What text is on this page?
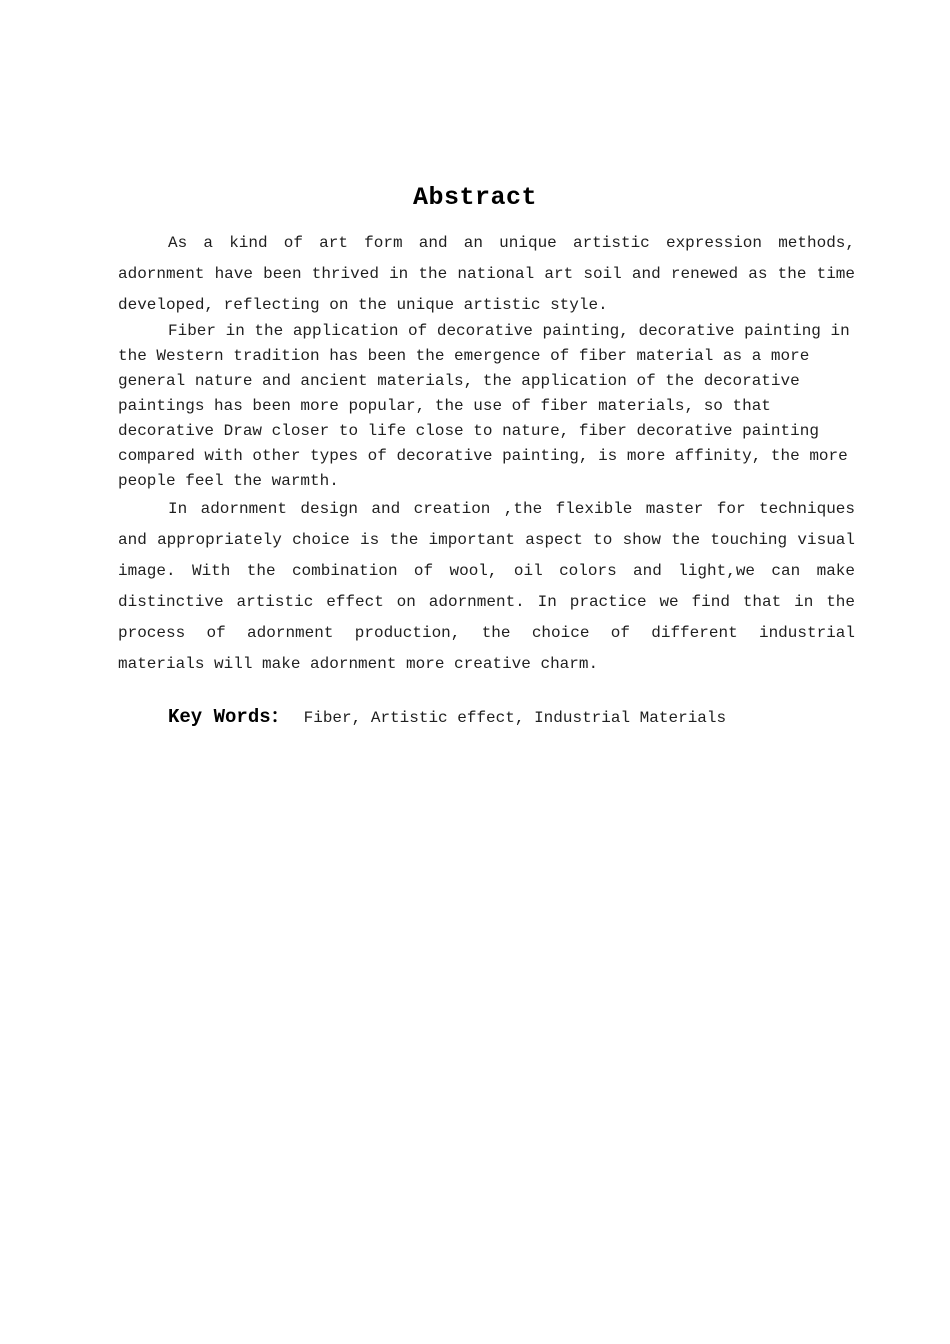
Abstract

As a kind of art form and an unique artistic expression methods, adornment have been thrived in the national art soil and renewed as the time developed, reflecting on the unique artistic style.

Fiber in the application of decorative painting, decorative painting in the Western tradition has been the emergence of fiber material as a more general nature and ancient materials, the application of the decorative paintings has been more popular, the use of fiber materials, so that decorative Draw closer to life close to nature, fiber decorative painting compared with other types of decorative painting, is more affinity, the more people feel the warmth.

In adornment design and creation ,the flexible master for techniques and appropriately choice is the important aspect to show the touching visual image. With the combination of wool, oil colors and light,we can make distinctive artistic effect on adornment. In practice we find that in the process of adornment production, the choice of different industrial materials will make adornment more creative charm.

Key Words： Fiber, Artistic effect, Industrial Materials
